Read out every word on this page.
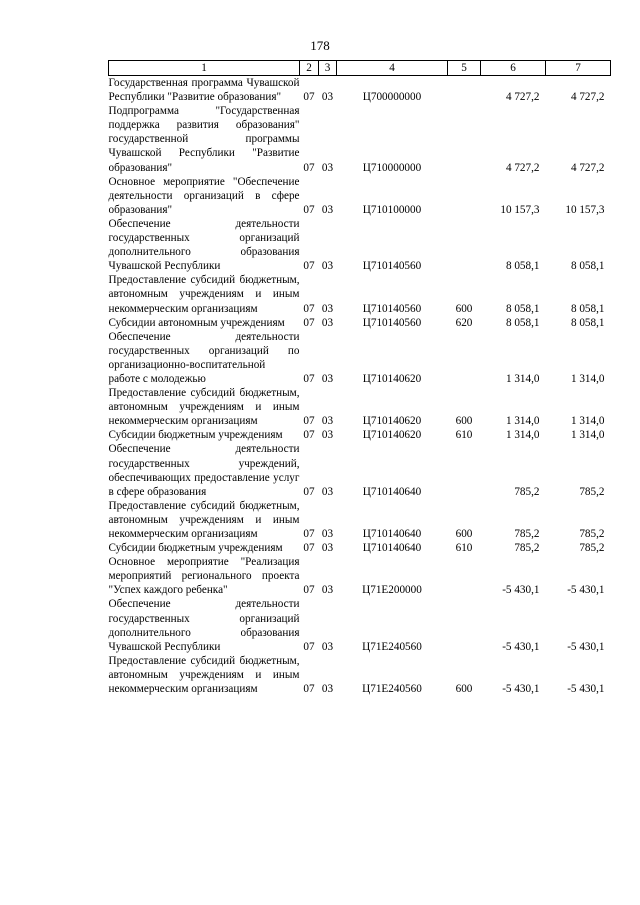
178
1	2	3	4	5	6	7
Государственная программа Чувашской Республики "Развитие образования"	07	03	Ц700000000		4 727,2	4 727,2
Подпрограмма "Государственная поддержка развития образования" государственной программы Чувашской Республики "Развитие образования"	07	03	Ц710000000		4 727,2	4 727,2
Основное мероприятие "Обеспечение деятельности организаций в сфере образования"	07	03	Ц710100000		10 157,3	10 157,3
Обеспечение деятельности государственных организаций дополнительного образования Чувашской Республики	07	03	Ц710140560		8 058,1	8 058,1
Предоставление субсидий бюджетным, автономным учреждениям и иным некоммерческим организациям	07	03	Ц710140560	600	8 058,1	8 058,1
Субсидии автономным учреждениям	07	03	Ц710140560	620	8 058,1	8 058,1
Обеспечение деятельности государственных организаций по организационно-воспитательной работе с молодежью	07	03	Ц710140620		1 314,0	1 314,0
Предоставление субсидий бюджетным, автономным учреждениям и иным некоммерческим организациям	07	03	Ц710140620	600	1 314,0	1 314,0
Субсидии бюджетным учреждениям	07	03	Ц710140620	610	1 314,0	1 314,0
Обеспечение деятельности государственных учреждений, обеспечивающих предоставление услуг в сфере образования	07	03	Ц710140640		785,2	785,2
Предоставление субсидий бюджетным, автономным учреждениям и иным некоммерческим организациям	07	03	Ц710140640	600	785,2	785,2
Субсидии бюджетным учреждениям	07	03	Ц710140640	610	785,2	785,2
Основное мероприятие "Реализация мероприятий регионального проекта "Успех каждого ребенка"	07	03	Ц71Е200000		-5 430,1	-5 430,1
Обеспечение деятельности государственных организаций дополнительного образования Чувашской Республики	07	03	Ц71Е240560		-5 430,1	-5 430,1
Предоставление субсидий бюджетным, автономным учреждениям и иным некоммерческим организациям	07	03	Ц71Е240560	600	-5 430,1	-5 430,1
